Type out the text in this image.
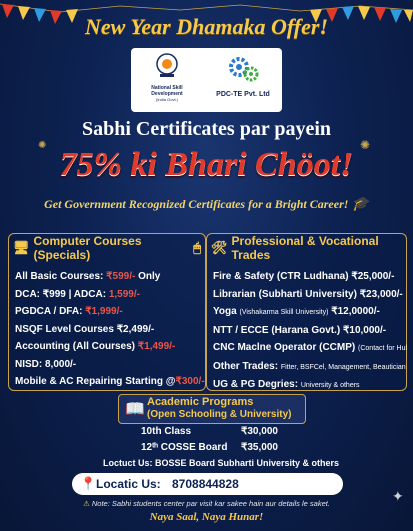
New Year Dhamaka Offer!
National Skill Development
(India Govt.)
PDC-TE Pvt. Ltd
Sabhi Certificates par payein
75% ki Bhari Chöot!
Get Government Recognized Certificates for a Bright Career! 🎓
🖥 Computer Courses (Specials)	🖱
All Basic Courses: ₹599/- Only
DCA: ₹999 | ADCA: 1,599/-
PGDCA / DFA: ₹1,999/-
NSQF Level Courses ₹2,499/-
Accounting (All Courses) ₹1,499/-
NISD: 8,000/-
Mobile & AC Repairing Starting @₹300/-
🛠 Professional & Vocational Trades
Fire & Safety (CTR Ludhana) ₹25,000/-
Librarian (Subharti University) ₹23,000/-
Yoga (Vishakarma Skill University) ₹12,0000/-
NTT / ECCE (Harana Govt.) ₹10,000/-
CNC Maclne Operator (CCMP) (Contact for Hul
Other Trades: Fitter, BSFCel, Management, Beautician
UG & PG Degries: University & others
📖 Academic Programs
(Open Schooling & University)
10th Class	₹30,000
12ᵗʰ COSSE Board ₹35,000
Loctuct Us: BOSSE Board Subharti University & others
📍 Locatic Us: 8708844828
⚠ Note: Sabhi students center par visit kar sakee hain aur details le saket.
Naya Saal, Naya Hunar!
✦
✺	✺
